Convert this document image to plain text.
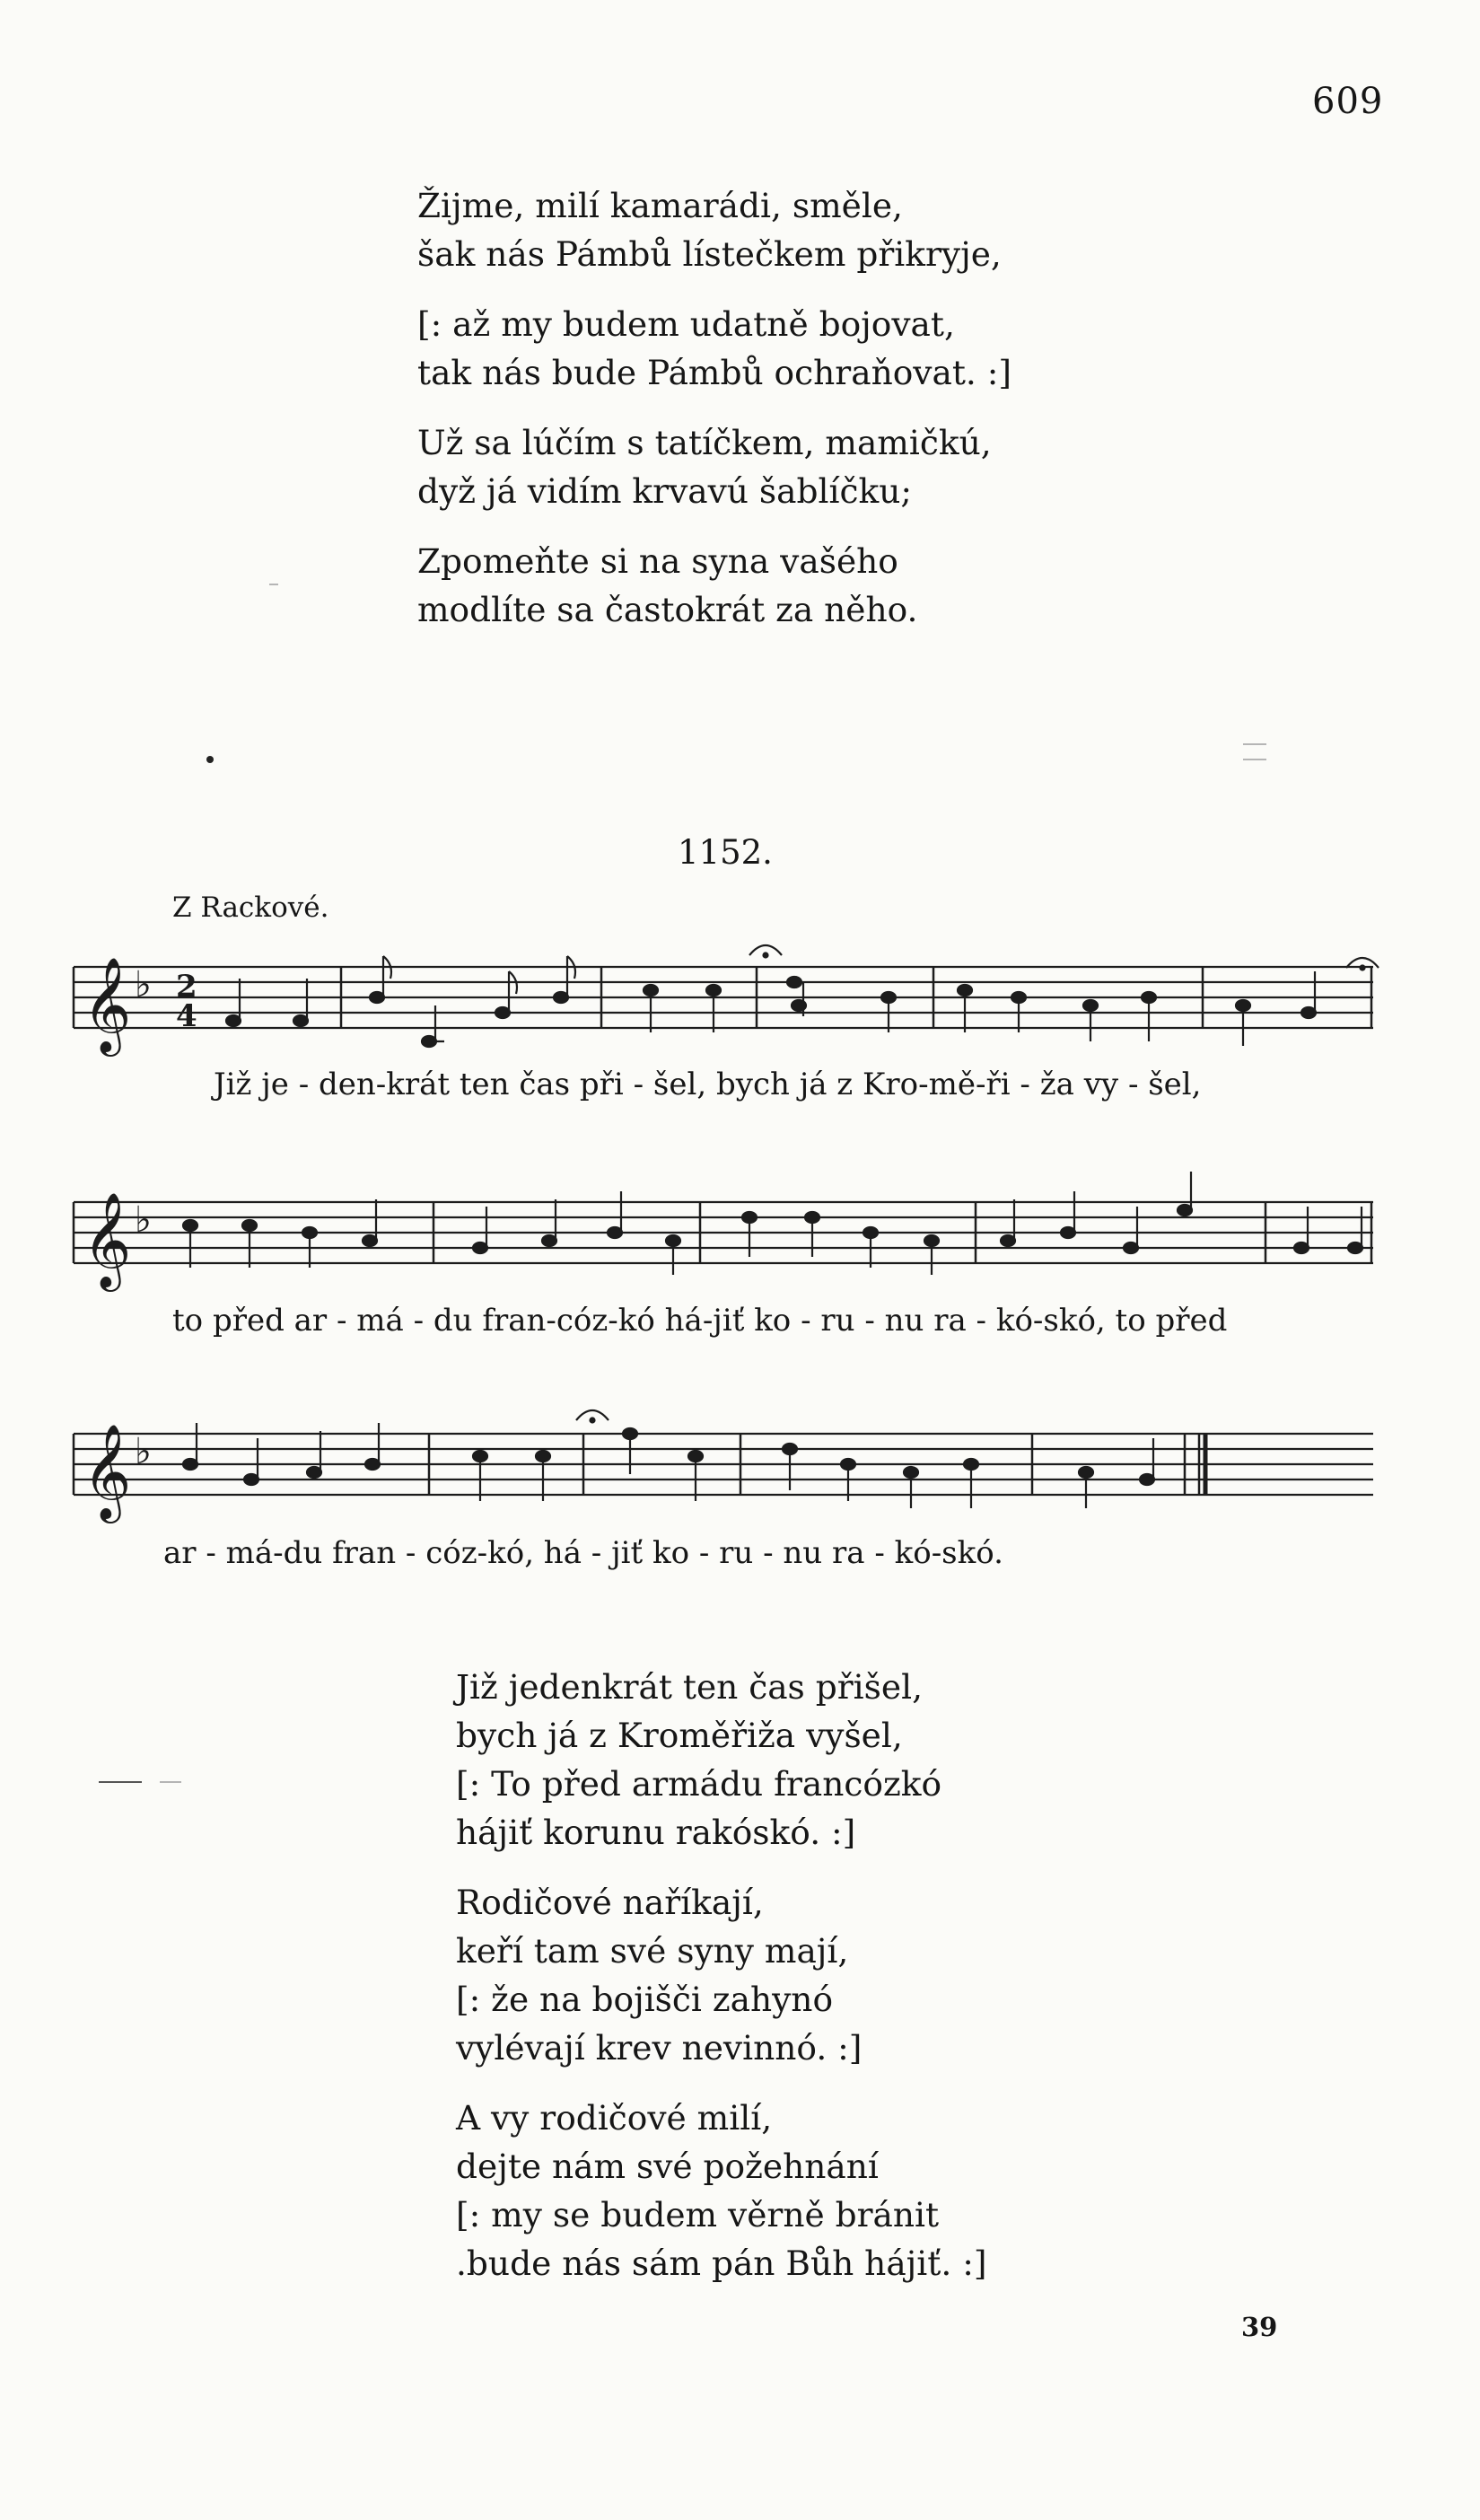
609
Žijme, milí kamarádi, směle,
šak nás Pámbů lístečkem přikryje,
[: až my budem udatně bojovat,
tak nás bude Pámbů ochraňovat. :]
Už sa lúčím s tatíčkem, mamičkú,
dyž já vidím krvavú šablíčku;
Zpomeňte si na syna vašého
modlíte sa častokrát za něho.
1152.
Z Rackové.
𝄞
𝄞
𝄞
♭
♭
♭
2
4
Již je - den-krát ten čas při - šel, bych já z Kro-mě-ři - ža vy - šel,
to před ar - má - du fran-cóz-kó há-jiť ko - ru - nu ra - kó-skó, to před
ar - má-du fran - cóz-kó, há - jiť ko - ru - nu ra - kó-skó.
Již jedenkrát ten čas přišel,
bych já z Kroměřiža vyšel,
[: To před armádu francózkó
hájiť korunu rakóskó. :]
Rodičové naříkají,
keří tam své syny mají,
[: že na bojišči zahynó
vylévají krev nevinnó. :]
A vy rodičové milí,
dejte nám své požehnání
[: my se budem věrně bránit
.bude nás sám pán Bůh hájiť. :]
39
